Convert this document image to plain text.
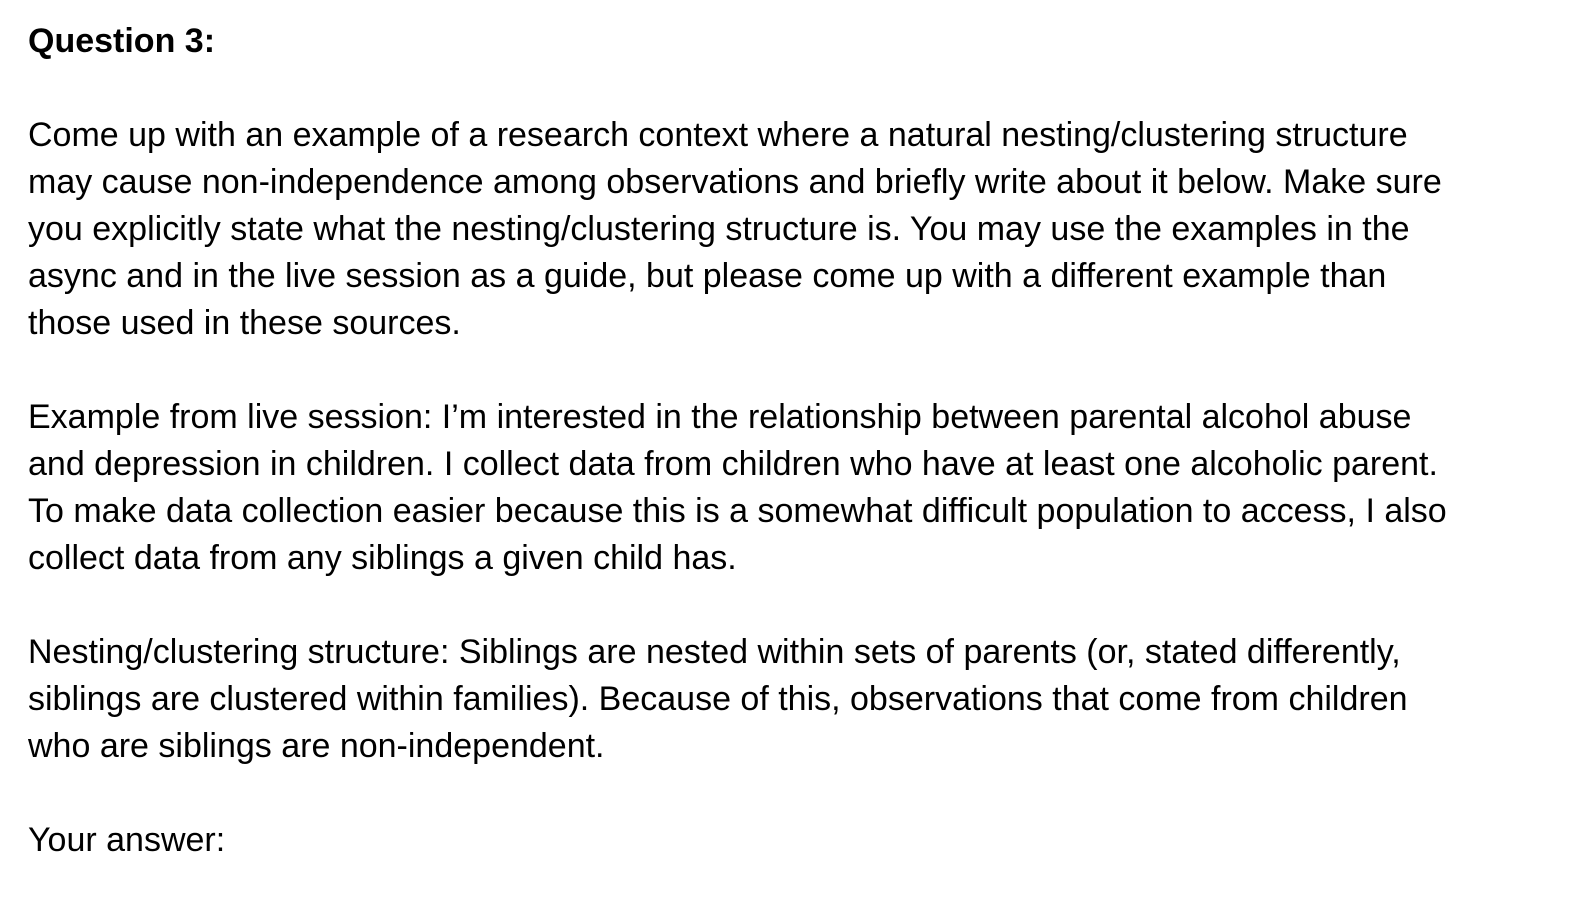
Question 3:
Come up with an example of a research context where a natural nesting/clustering structure
may cause non-independence among observations and briefly write about it below. Make sure
you explicitly state what the nesting/clustering structure is. You may use the examples in the
async and in the live session as a guide, but please come up with a different example than
those used in these sources.
Example from live session: I’m interested in the relationship between parental alcohol abuse
and depression in children. I collect data from children who have at least one alcoholic parent.
To make data collection easier because this is a somewhat difficult population to access, I also
collect data from any siblings a given child has.
Nesting/clustering structure: Siblings are nested within sets of parents (or, stated differently,
siblings are clustered within families). Because of this, observations that come from children
who are siblings are non-independent.
Your answer:
